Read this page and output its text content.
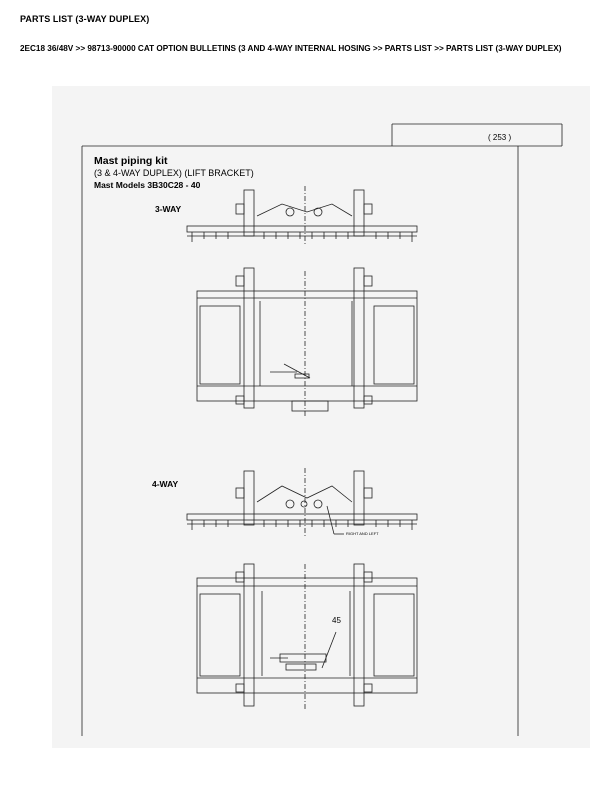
PARTS LIST (3-WAY DUPLEX)
2EC18 36/48V >> 98713-90000 CAT OPTION BULLETINS (3 AND 4-WAY INTERNAL HOSING >> PARTS LIST >> PARTS LIST (3-WAY DUPLEX)
( 253 )
Mast piping kit
(3 & 4-WAY DUPLEX) (LIFT BRACKET)
Mast Models 3B30C28 - 40
3-WAY
4-WAY
RIGHT AND LEFT
45
